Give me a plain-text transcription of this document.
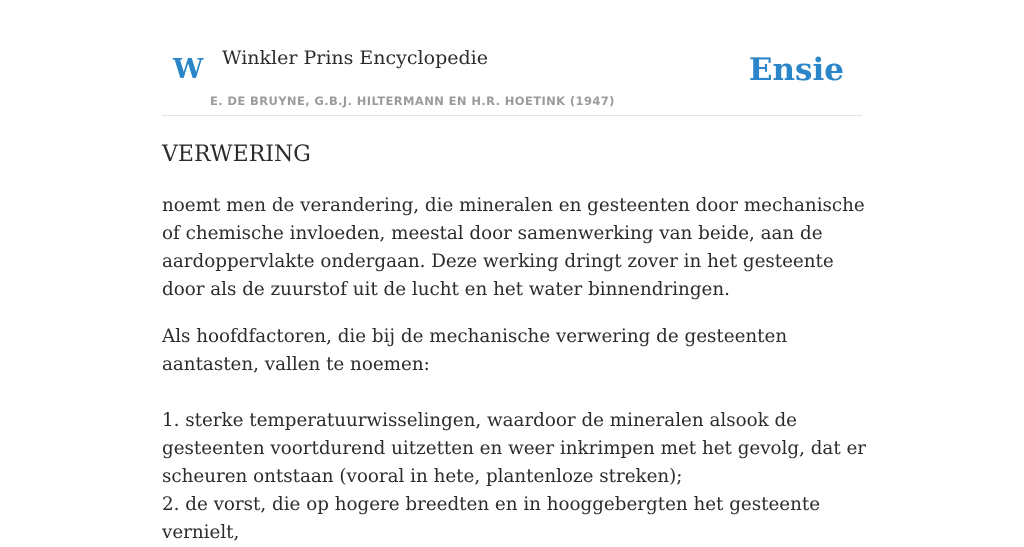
W Winkler Prins Encyclopedie
E. DE BRUYNE, G.B.J. HILTERMANN EN H.R. HOETINK (1947)
Ensie
VERWERING

noemt men de verandering, die mineralen en gesteenten door mechanische of chemische invloeden, meestal door samenwerking van beide, aan de aardoppervlakte ondergaan. Deze werking dringt zover in het gesteente door als de zuurstof uit de lucht en het water binnendringen.

Als hoofdfactoren, die bij de mechanische verwering de gesteenten aantasten, vallen te noemen:

1. sterke temperatuurwisselingen, waardoor de mineralen alsook de gesteenten voortdurend uitzetten en weer inkrimpen met het gevolg, dat er scheuren ontstaan (vooral in hete, plantenloze streken);
2. de vorst, die op hogere breedten en in hooggebergten het gesteente vernielt,
